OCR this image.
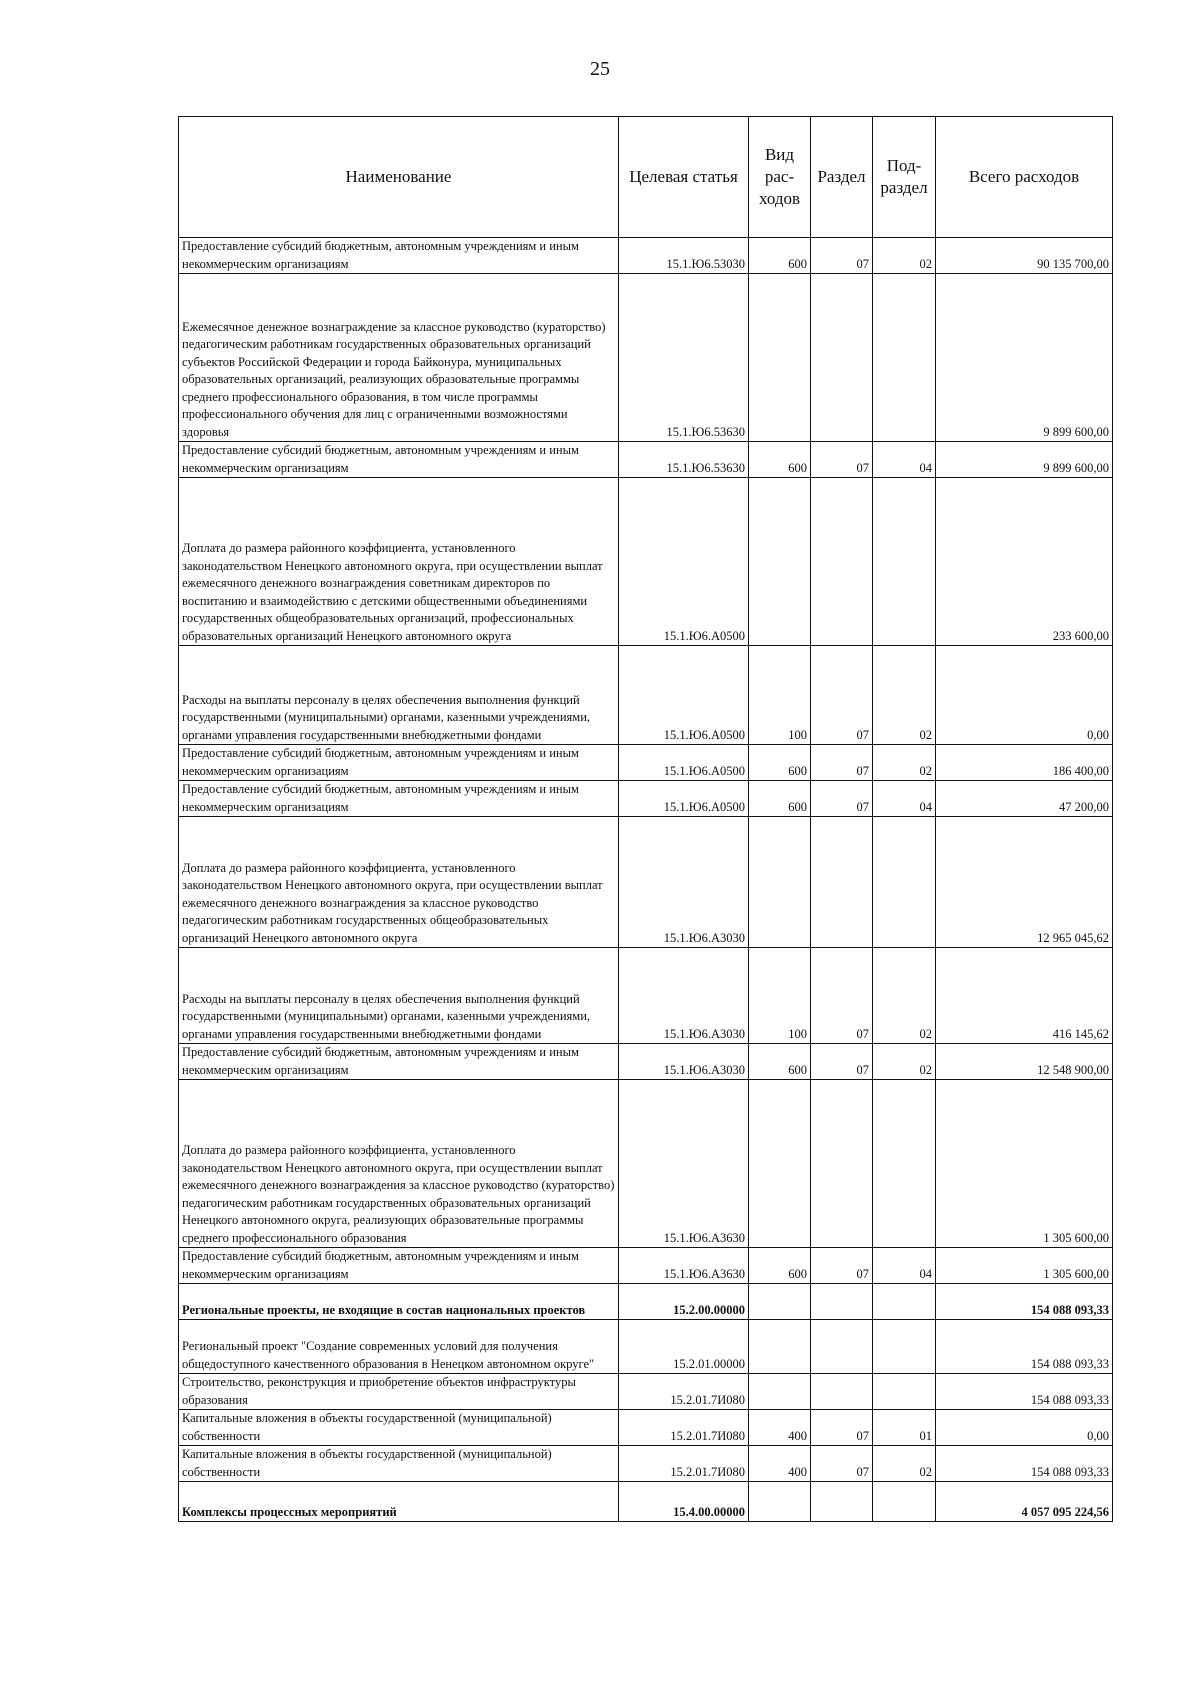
25
Наименование	Целевая статья	Вид рас- ходов	Раздел	Под- раздел	Всего расходов
Предоставление субсидий бюджетным, автономным учреждениям и иным некоммерческим организациям	15.1.Ю6.53030	600	07	02	90 135 700,00
Ежемесячное денежное вознаграждение за классное руководство (кураторство) педагогическим работникам государственных образовательных организаций субъектов Российской Федерации и города Байконура, муниципальных образовательных организаций, реализующих образовательные программы среднего профессионального образования, в том числе программы профессионального обучения для лиц с ограниченными возможностями здоровья	15.1.Ю6.53630				9 899 600,00
Предоставление субсидий бюджетным, автономным учреждениям и иным некоммерческим организациям	15.1.Ю6.53630	600	07	04	9 899 600,00
Доплата до размера районного коэффициента, установленного законодательством Ненецкого автономного округа, при осуществлении выплат ежемесячного денежного вознаграждения советникам директоров по воспитанию и взаимодействию с детскими общественными объединениями государственных общеобразовательных организаций, профессиональных образовательных организаций Ненецкого автономного округа	15.1.Ю6.А0500				233 600,00
Расходы на выплаты персоналу в целях обеспечения выполнения функций государственными (муниципальными) органами, казенными учреждениями, органами управления государственными внебюджетными фондами	15.1.Ю6.А0500	100	07	02	0,00
Предоставление субсидий бюджетным, автономным учреждениям и иным некоммерческим организациям	15.1.Ю6.А0500	600	07	02	186 400,00
Предоставление субсидий бюджетным, автономным учреждениям и иным некоммерческим организациям	15.1.Ю6.А0500	600	07	04	47 200,00
Доплата до размера районного коэффициента, установленного законодательством Ненецкого автономного округа, при осуществлении выплат ежемесячного денежного вознаграждения за классное руководство педагогическим работникам государственных общеобразовательных организаций Ненецкого автономного округа	15.1.Ю6.А3030				12 965 045,62
Расходы на выплаты персоналу в целях обеспечения выполнения функций государственными (муниципальными) органами, казенными учреждениями, органами управления государственными внебюджетными фондами	15.1.Ю6.А3030	100	07	02	416 145,62
Предоставление субсидий бюджетным, автономным учреждениям и иным некоммерческим организациям	15.1.Ю6.А3030	600	07	02	12 548 900,00
Доплата до размера районного коэффициента, установленного законодательством Ненецкого автономного округа, при осуществлении выплат ежемесячного денежного вознаграждения за классное руководство (кураторство) педагогическим работникам государственных образовательных организаций Ненецкого автономного округа, реализующих образовательные программы среднего профессионального образования	15.1.Ю6.А3630				1 305 600,00
Предоставление субсидий бюджетным, автономным учреждениям и иным некоммерческим организациям	15.1.Ю6.А3630	600	07	04	1 305 600,00
Региональные проекты, не входящие в состав национальных проектов	15.2.00.00000				154 088 093,33
Региональный проект "Создание современных условий для получения общедоступного качественного образования в Ненецком автономном округе"	15.2.01.00000				154 088 093,33
Строительство, реконструкция и приобретение объектов инфраструктуры образования	15.2.01.7И080				154 088 093,33
Капитальные вложения в объекты государственной (муниципальной) собственности	15.2.01.7И080	400	07	01	0,00
Капитальные вложения в объекты государственной (муниципальной) собственности	15.2.01.7И080	400	07	02	154 088 093,33
Комплексы процессных мероприятий	15.4.00.00000				4 057 095 224,56
